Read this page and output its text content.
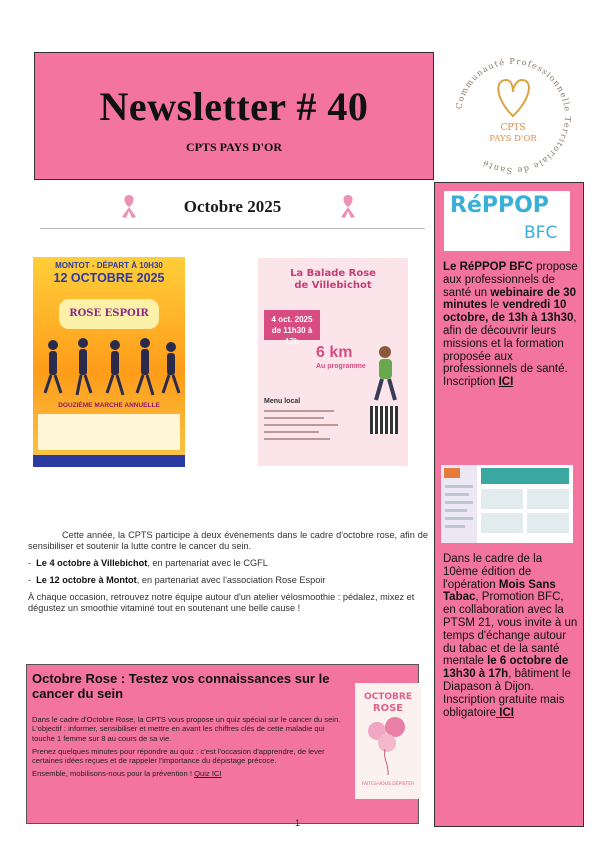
Newsletter # 40
CPTS PAYS D'OR
Communauté Professionnelle Territoriale de Santé
CPTS
PAYS D'OR
Octobre 2025
MONTOT - DÉPART À 10H30
12 OCTOBRE 2025
ROSE ESPOIR
DOUZIÈME MARCHE ANNUELLE
La Balade Rose
de Villebichot
4 oct. 2025
de 11h30 à 17h
6 km
Au programme
Menu local

Cette année, la CPTS participe à deux évènements dans le cadre d'octobre rose, afin de sensibiliser et soutenir la lutte contre le cancer du sein.

-  Le 4 octobre à Villebichot, en partenariat avec le CGFL

-  Le 12 octobre à Montot, en partenariat avec l'association Rose Espoir

À chaque occasion, retrouvez notre équipe autour d'un atelier vélosmoothie : pédalez, mixez et dégustez un smoothie vitaminé tout en soutenant une belle cause !

Octobre Rose : Testez vos connaissances sur le cancer du sein

Dans le cadre d'Octobre Rose, la CPTS vous propose un quiz spécial sur le cancer du sein. L'objectif : informer, sensibiliser et mettre en avant les chiffres clés de cette maladie qui touche 1 femme sur 8 au cours de sa vie.

Prenez quelques minutes pour répondre au quiz : c'est l'occasion d'apprendre, de lever certaines idées reçues et de rappeler l'importance du dépistage précoce.

Ensemble, mobilisons-nous pour la prévention ! Quiz ICI

OCTOBRE
ROSE
FAITES-VOUS DÉPISTER
RéPPOP
BFC
Le RéPPOP BFC propose aux professionnels de santé un webinaire de 30 minutes le vendredi 10 octobre, de 13h à 13h30, afin de découvrir leurs missions et la formation proposée aux professionnels de santé. Inscription ICI
Dans le cadre de la 10ème édition de l'opération Mois Sans Tabac, Promotion BFC, en collaboration avec la PTSM 21, vous invite à un temps d'échange autour du tabac et de la santé mentale le 6 octobre de 13h30 à 17h, bâtiment le Diapason à Dijon. Inscription gratuite mais obligatoire ICI
1
